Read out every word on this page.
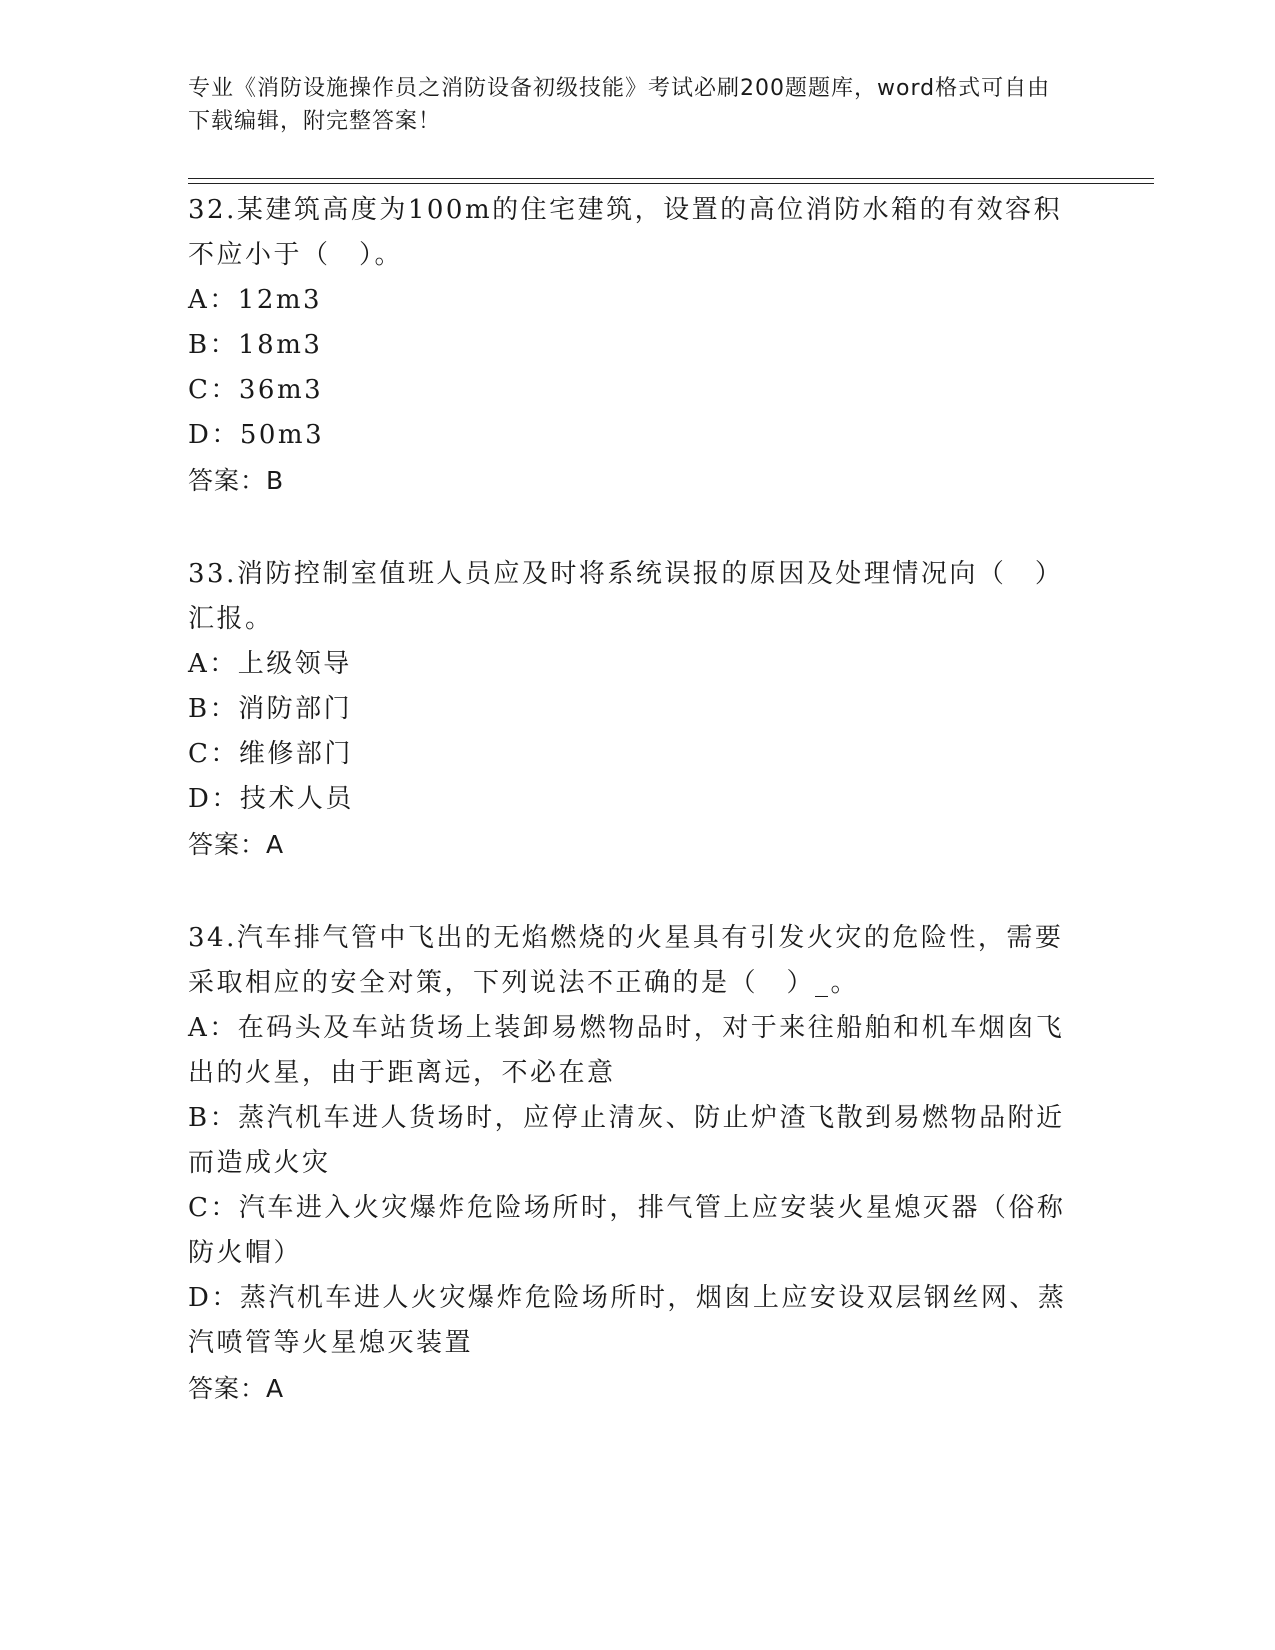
专业《消防设施操作员之消防设备初级技能》考试必刷200题题库，word格式可自由下载编辑，附完整答案！

32.某建筑高度为100m的住宅建筑，设置的高位消防水箱的有效容积不应小于（　）。

A：12m3

B：18m3

C：36m3

D：50m3

答案：B

33.消防控制室值班人员应及时将系统误报的原因及处理情况向（　）汇报。

A：上级领导

B：消防部门

C：维修部门

D：技术人员

答案：A

34.汽车排气管中飞出的无焰燃烧的火星具有引发火灾的危险性，需要采取相应的安全对策，下列说法不正确的是（　）_。

A：在码头及车站货场上装卸易燃物品时，对于来往船舶和机车烟囱飞出的火星，由于距离远，不必在意

B：蒸汽机车进人货场时，应停止清灰、防止炉渣飞散到易燃物品附近而造成火灾

C：汽车进入火灾爆炸危险场所时，排气管上应安装火星熄灭器（俗称防火帽）

D：蒸汽机车进人火灾爆炸危险场所时，烟囱上应安设双层钢丝网、蒸汽喷管等火星熄灭装置

答案：A
